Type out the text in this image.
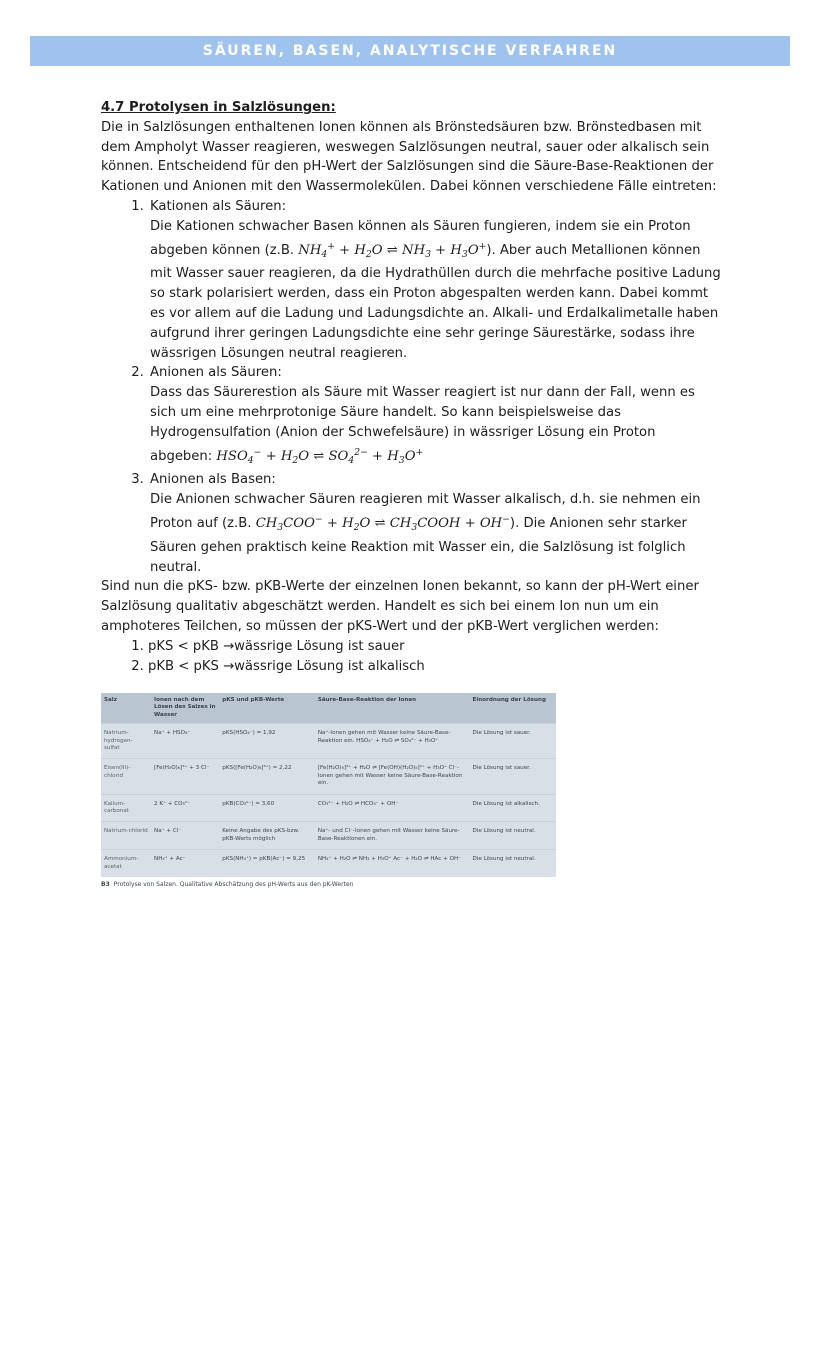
SÄUREN, BASEN, ANALYTISCHE VERFAHREN

4.7 Protolysen in Salzlösungen:

Die in Salzlösungen enthaltenen Ionen können als Brönstedsäuren bzw. Brönstedbasen mit dem Ampholyt Wasser reagieren, weswegen Salzlösungen neutral, sauer oder alkalisch sein können. Entscheidend für den pH-Wert der Salzlösungen sind die Säure-Base-Reaktionen der Kationen und Anionen mit den Wassermolekülen. Dabei können verschiedene Fälle eintreten:

1. Kationen als Säuren:

Die Kationen schwacher Basen können als Säuren fungieren, indem sie ein Proton abgeben können (z.B. $NH_4^+ + H_2O$ ⇌ $NH_3 + H_3O^+$). Aber auch Metallionen können mit Wasser sauer reagieren, da die Hydrathüllen durch die mehrfache positive Ladung so stark polarisiert werden, dass ein Proton abgespalten werden kann. Dabei kommt es vor allem auf die Ladung und Ladungsdichte an. Alkali- und Erdalkalimetalle haben aufgrund ihrer geringen Ladungsdichte eine sehr geringe Säurestärke, sodass ihre wässrigen Lösungen neutral reagieren.

2. Anionen als Säuren:

Dass das Säurerestion als Säure mit Wasser reagiert ist nur dann der Fall, wenn es sich um eine mehrprotonige Säure handelt. So kann beispielsweise das Hydrogensulfation (Anion der Schwefelsäure) in wässriger Lösung ein Proton abgeben: $HSO_4^- + H_2O$ ⇌ $SO_4^{2-} + H_3O^+$

3. Anionen als Basen:

Die Anionen schwacher Säuren reagieren mit Wasser alkalisch, d.h. sie nehmen ein Proton auf (z.B. $CH_3COO^- + H_2O$ ⇌ $CH_3COOH + OH^-$). Die Anionen sehr starker Säuren gehen praktisch keine Reaktion mit Wasser ein, die Salzlösung ist folglich neutral.

Sind nun die pKS- bzw. pKB-Werte der einzelnen Ionen bekannt, so kann der pH-Wert einer Salzlösung qualitativ abgeschätzt werden. Handelt es sich bei einem Ion nun um ein amphoteres Teilchen, so müssen der pKS-Wert und der pKB-Wert verglichen werden:

1. pKS < pKB →wässrige Lösung ist sauer
2. pKB < pKS →wässrige Lösung ist alkalisch
Salz	Ionen nach dem Lösen des Salzes in Wasser	pKS und pKB-Werte	Säure-Base-Reaktion der Ionen	Einordnung der Lösung
Natrium-hydrogen-sulfat	Na⁺ + HSO₄⁻	pKS(HSO₄⁻) = 1,92	Na⁺-Ionen gehen mit Wasser keine Säure-Base-Reaktion ein. HSO₄⁻ + H₂O ⇌ SO₄²⁻ + H₃O⁺	Die Lösung ist sauer.
Eisen(III)-chlorid	[Fe(H₂O)₆]³⁺ + 3 Cl⁻	pKS([Fe(H₂O)₆]³⁺) = 2,22	[Fe(H₂O)₆]³⁺ + H₂O ⇌ [Fe(OH)(H₂O)₅]²⁺ + H₃O⁺ Cl⁻-Ionen gehen mit Wasser keine Säure-Base-Reaktion ein.	Die Lösung ist sauer.
Kalium-carbonat	2 K⁺ + CO₃²⁻	pKB(CO₃²⁻) = 3,60	CO₃²⁻ + H₂O ⇌ HCO₃⁻ + OH⁻	Die Lösung ist alkalisch.
Natrium-chlorid	Na⁺ + Cl⁻	Keine Angabe des pKS-bzw. pKB-Werts möglich	Na⁺- und Cl⁻-Ionen gehen mit Wasser keine Säure-Base-Reaktionen ein.	Die Lösung ist neutral.
Ammonium-acetat	NH₄⁺ + Ac⁻	pKS(NH₄⁺) = pKB(Ac⁻) = 9,25	NH₄⁺ + H₂O ⇌ NH₃ + H₃O⁺ Ac⁻ + H₂O ⇌ HAc + OH⁻	Die Lösung ist neutral.
B3 Protolyse von Salzen. Qualitative Abschätzung des pH-Werts aus den pK-Werten
